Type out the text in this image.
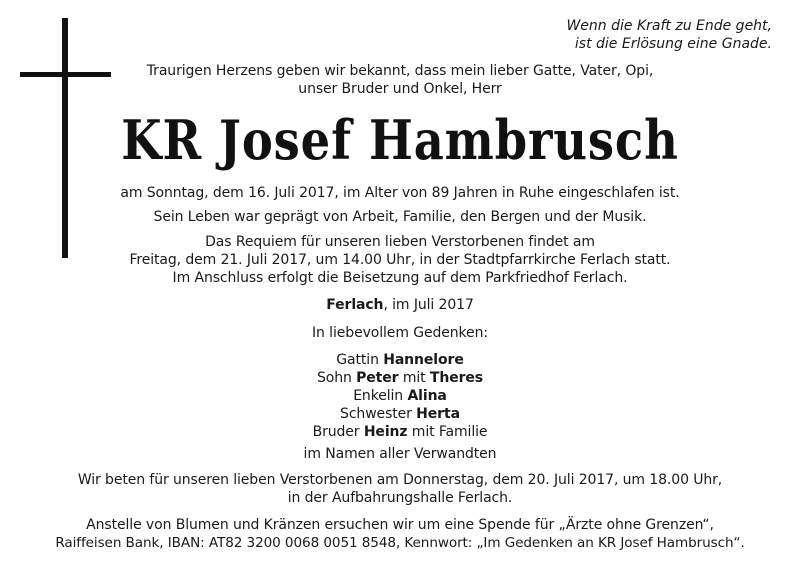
Wenn die Kraft zu Ende geht,
ist die Erlösung eine Gnade.
Traurigen Herzens geben wir bekannt, dass mein lieber Gatte, Vater, Opi,
unser Bruder und Onkel, Herr
KR Josef Hambrusch
am Sonntag, dem 16. Juli 2017, im Alter von 89 Jahren in Ruhe eingeschlafen ist.
Sein Leben war geprägt von Arbeit, Familie, den Bergen und der Musik.
Das Requiem für unseren lieben Verstorbenen findet am
Freitag, dem 21. Juli 2017, um 14.00 Uhr, in der Stadtpfarrkirche Ferlach statt.
Im Anschluss erfolgt die Beisetzung auf dem Parkfriedhof Ferlach.
Ferlach, im Juli 2017
In liebevollem Gedenken:
Gattin Hannelore
Sohn Peter mit Theres
Enkelin Alina
Schwester Herta
Bruder Heinz mit Familie
im Namen aller Verwandten
Wir beten für unseren lieben Verstorbenen am Donnerstag, dem 20. Juli 2017, um 18.00 Uhr,
in der Aufbahrungshalle Ferlach.
Anstelle von Blumen und Kränzen ersuchen wir um eine Spende für „Ärzte ohne Grenzen“,
Raiffeisen Bank, IBAN: AT82 3200 0068 0051 8548, Kennwort: „Im Gedenken an KR Josef Hambrusch“.
